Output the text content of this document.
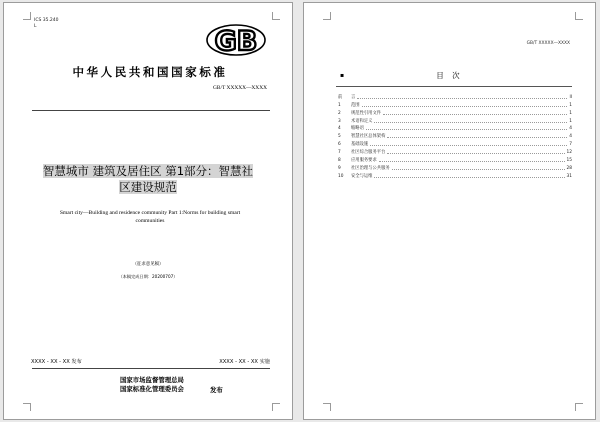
ICS 35.240
L	GB
中华人民共和国国家标准
GB/T XXXXX—XXXX
智慧城市 建筑及居住区 第1部分：智慧社
区建设规范
Smart city—Building and residence community Part 1:Norms for building smart
communities
（征求意见稿）
（本稿完成日期：20200707）
XXXX - XX - XX 发布	XXXX - XX - XX 实施
国家市场监督管理总局
国家标准化管理委员会	发布
GB/T XXXXX—XXXX
▪	目 次
前	言	II
1	范围	1
2	规范性引用文件	1
3	术语和定义	1
4	缩略语	4
5	智慧社区总体架构	4
6	基础设施	7
7	社区综合服务平台	12
8	应用服务要求	15
9	社区治理与公共服务	28
10	安全与运维	31
